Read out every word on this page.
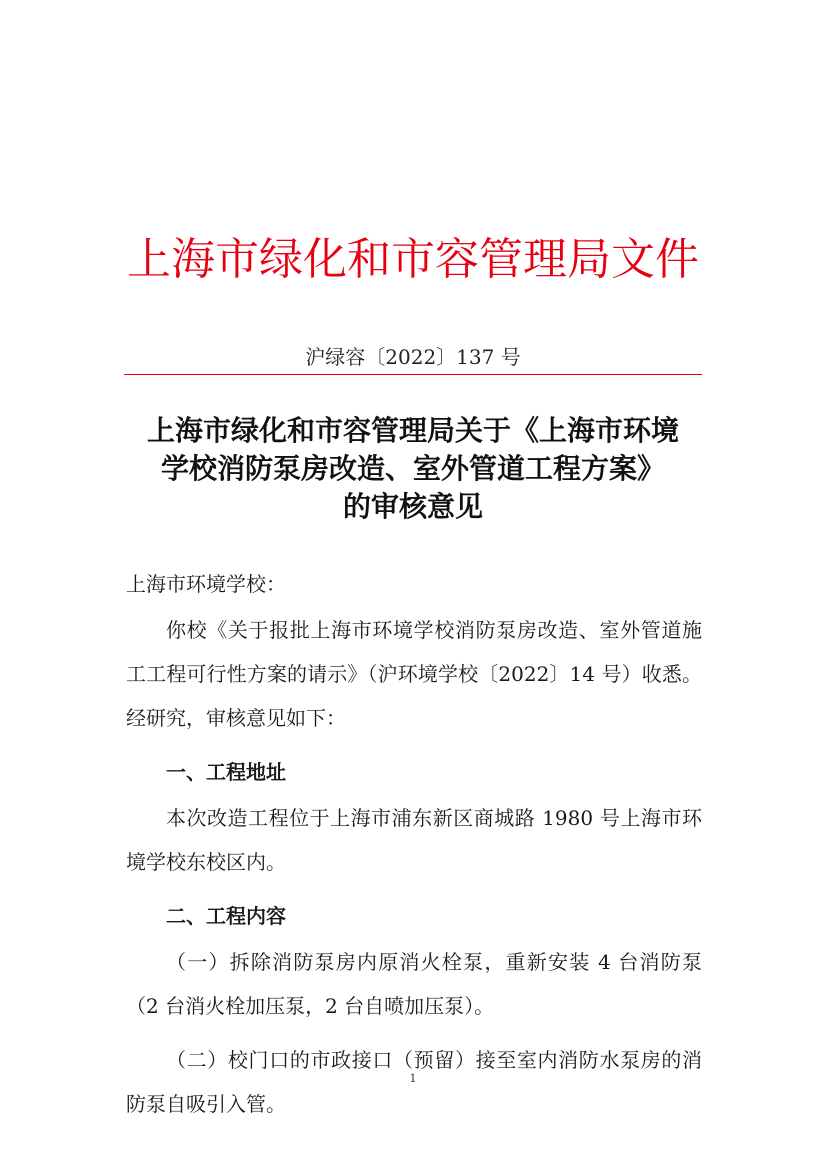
上海市绿化和市容管理局文件
沪绿容〔2022〕137 号
上海市绿化和市容管理局关于《上海市环境
学校消防泵房改造、室外管道工程方案》
的审核意见

上海市环境学校：

你校《关于报批上海市环境学校消防泵房改造、室外管道施工工程可行性方案的请示》（沪环境学校〔2022〕14 号）收悉。经研究，审核意见如下：

一、工程地址

本次改造工程位于上海市浦东新区商城路 1980 号上海市环境学校东校区内。

二、工程内容

（一）拆除消防泵房内原消火栓泵，重新安装 4 台消防泵（2 台消火栓加压泵，2 台自喷加压泵）。

（二）校门口的市政接口（预留）接至室内消防水泵房的消防泵自吸引入管。

1
